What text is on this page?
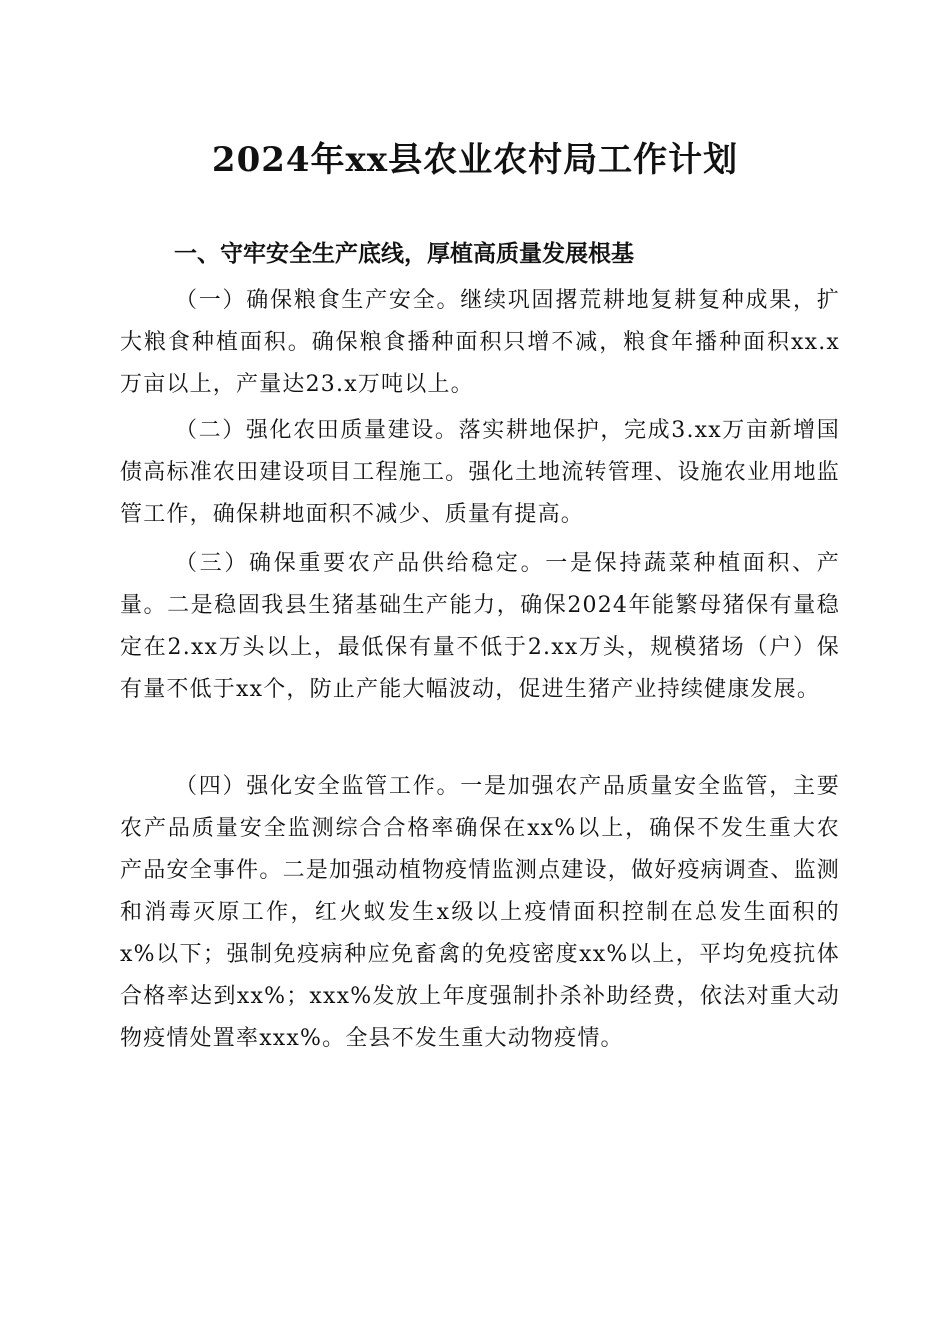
2024年xx县农业农村局工作计划
一、守牢安全生产底线，厚植高质量发展根基

（一）确保粮食生产安全。继续巩固撂荒耕地复耕复种成果，扩大粮食种植面积。确保粮食播种面积只增不减，粮食年播种面积xx.x万亩以上，产量达23.x万吨以上。

（二）强化农田质量建设。落实耕地保护，完成3.xx万亩新增国债高标准农田建设项目工程施工。强化土地流转管理、设施农业用地监管工作，确保耕地面积不减少、质量有提高。

（三）确保重要农产品供给稳定。一是保持蔬菜种植面积、产量。二是稳固我县生猪基础生产能力，确保2024年能繁母猪保有量稳定在2.xx万头以上，最低保有量不低于2.xx万头，规模猪场（户）保有量不低于xx个，防止产能大幅波动，促进生猪产业持续健康发展。

（四）强化安全监管工作。一是加强农产品质量安全监管，主要农产品质量安全监测综合合格率确保在xx%以上，确保不发生重大农产品安全事件。二是加强动植物疫情监测点建设，做好疫病调查、监测和消毒灭原工作，红火蚁发生x级以上疫情面积控制在总发生面积的x%以下；强制免疫病种应免畜禽的免疫密度xx%以上，平均免疫抗体合格率达到xx%；xxx%发放上年度强制扑杀补助经费，依法对重大动物疫情处置率xxx%。全县不发生重大动物疫情。
